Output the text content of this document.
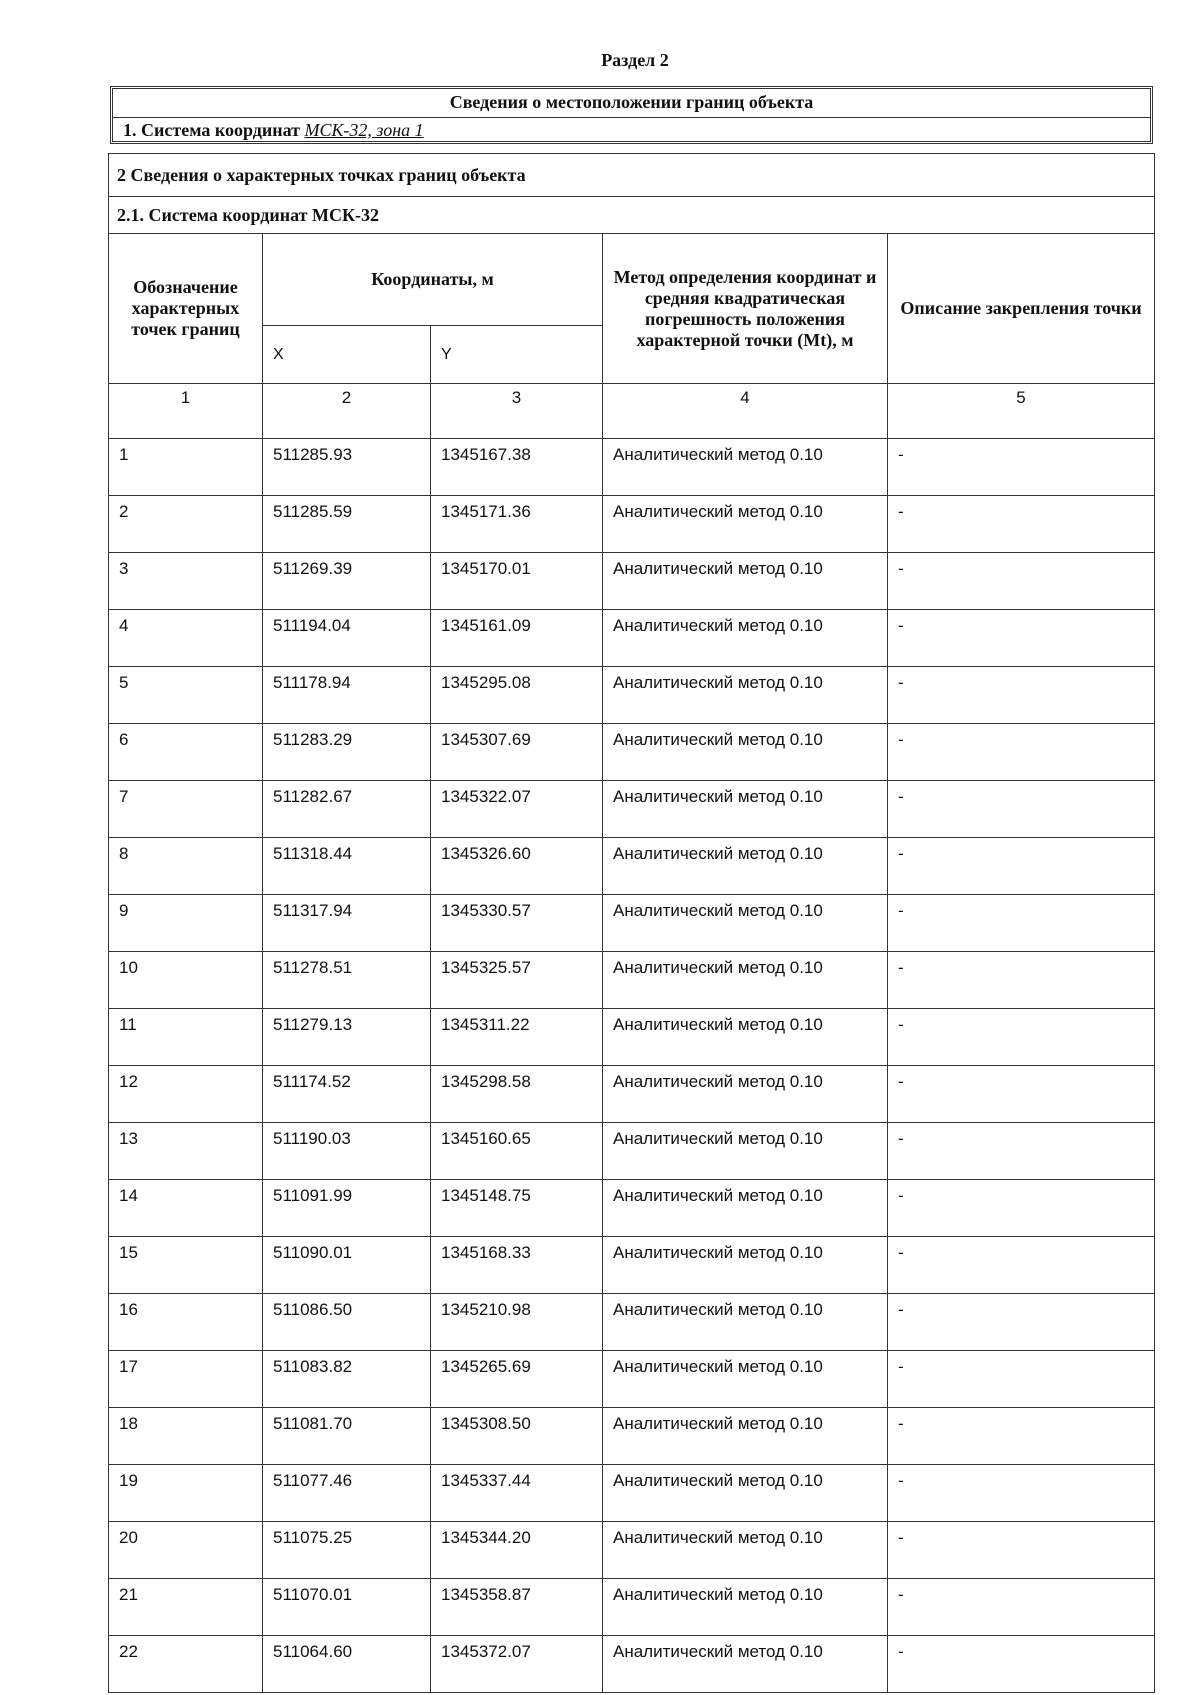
Раздел 2
Сведения о местоположении границ объекта
1. Система координат МСК-32, зона 1
2 Сведения о характерных точках границ объекта				
2.1. Система координат МСК-32				
Обозначение характерных точек границ	Координаты, м		Метод определения координат и средняя квадратическая погрешность положения характерной точки (Mt), м	Описание закрепления точки
	X	Y		
1	2	3	4	5
1	511285.93	1345167.38	Аналитический метод 0.10	-
2	511285.59	1345171.36	Аналитический метод 0.10	-
3	511269.39	1345170.01	Аналитический метод 0.10	-
4	511194.04	1345161.09	Аналитический метод 0.10	-
5	511178.94	1345295.08	Аналитический метод 0.10	-
6	511283.29	1345307.69	Аналитический метод 0.10	-
7	511282.67	1345322.07	Аналитический метод 0.10	-
8	511318.44	1345326.60	Аналитический метод 0.10	-
9	511317.94	1345330.57	Аналитический метод 0.10	-
10	511278.51	1345325.57	Аналитический метод 0.10	-
11	511279.13	1345311.22	Аналитический метод 0.10	-
12	511174.52	1345298.58	Аналитический метод 0.10	-
13	511190.03	1345160.65	Аналитический метод 0.10	-
14	511091.99	1345148.75	Аналитический метод 0.10	-
15	511090.01	1345168.33	Аналитический метод 0.10	-
16	511086.50	1345210.98	Аналитический метод 0.10	-
17	511083.82	1345265.69	Аналитический метод 0.10	-
18	511081.70	1345308.50	Аналитический метод 0.10	-
19	511077.46	1345337.44	Аналитический метод 0.10	-
20	511075.25	1345344.20	Аналитический метод 0.10	-
21	511070.01	1345358.87	Аналитический метод 0.10	-
22	511064.60	1345372.07	Аналитический метод 0.10	-
